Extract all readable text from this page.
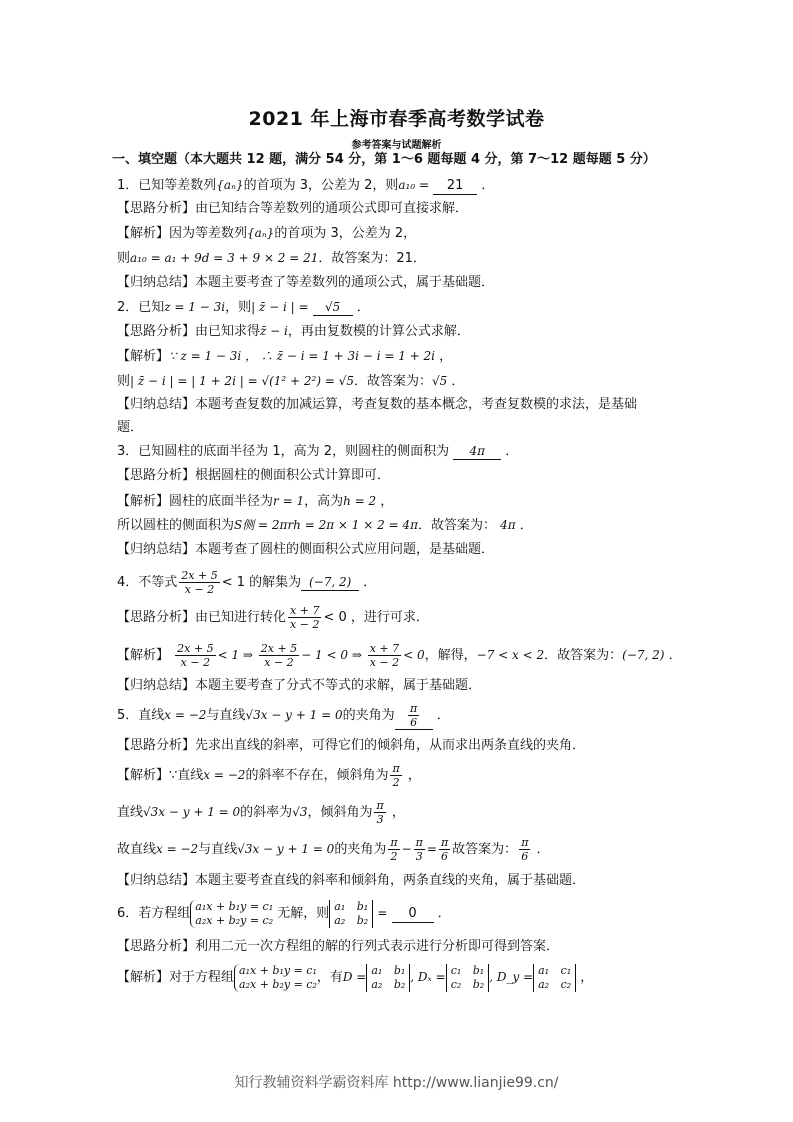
2021 年上海市春季高考数学试卷
参考答案与试题解析
一、填空题（本大题共 12 题，满分 54 分，第 1～6 题每题 4 分，第 7～12 题每题 5 分）
1．已知等差数列{aₙ}的首项为 3，公差为 2，则a₁₀ = 21 ．
【思路分析】由已知结合等差数列的通项公式即可直接求解．
【解析】因为等差数列{aₙ}的首项为 3，公差为 2，
则a₁₀ = a₁ + 9d = 3 + 9 × 2 = 21．故答案为：21．
【归纳总结】本题主要考查了等差数列的通项公式，属于基础题．
2．已知z = 1 − 3i，则| z̄ − i | = √5 ．
【思路分析】由已知求得z̄ − i，再由复数模的计算公式求解．
【解析】∵ z = 1 − 3i ， ∴ z̄ − i = 1 + 3i − i = 1 + 2i ，
则| z̄ − i | = | 1 + 2i | = √(1² + 2²) = √5．故答案为：√5 ．
【归纳总结】本题考查复数的加减运算，考查复数的基本概念，考查复数模的求法，是基础
题．
3．已知圆柱的底面半径为 1，高为 2，则圆柱的侧面积为 4π ．
【思路分析】根据圆柱的侧面积公式计算即可．
【解析】圆柱的底面半径为r = 1，高为h = 2 ，
所以圆柱的侧面积为S侧 = 2πrh = 2π × 1 × 2 = 4π．故答案为： 4π ．
【归纳总结】本题考查了圆柱的侧面积公式应用问题，是基础题．
4．不等式 $\frac{2x + 5}{x - 2} < 1$ 的解集为 (−7, 2) ．
【思路分析】由已知进行转化 $\frac{x + 7}{x - 2} < 0$ ，进行可求．
【解析】 $\frac{2x + 5}{x - 2} < 1$ ⇒ $\frac{2x + 5}{x - 2} - 1 < 0$ ⇒ $\frac{x + 7}{x - 2} < 0$，解得，−7 < x < 2．故答案为：(−7, 2) ．
【归纳总结】本题主要考查了分式不等式的求解，属于基础题．
5．直线x = −2与直线√3x − y + 1 = 0的夹角为 $\frac{\pi}{6}$ ．
【思路分析】先求出直线的斜率，可得它们的倾斜角，从而求出两条直线的夹角．
【解析】∵直线x = −2的斜率不存在，倾斜角为 $\frac{\pi}{2}$ ，
直线√3x − y + 1 = 0的斜率为√3，倾斜角为 $\frac{\pi}{3}$ ，
故直线x = −2与直线√3x − y + 1 = 0的夹角为 $\frac{\pi}{2} - \frac{\pi}{3} = \frac{\pi}{6}$ 故答案为： $\frac{\pi}{6}$ ．
【归纳总结】本题主要考查直线的斜率和倾斜角，两条直线的夹角，属于基础题．
6．若方程组 a₁x + b₁y = c₁
a₂x + b₂y = c₂ 无解，则 a₁ b₁
a₂ b₂ = 0 ．
【思路分析】利用二元一次方程组的解的行列式表示进行分析即可得到答案．
【解析】对于方程组 a₁x + b₁y = c₁
a₂x + b₂y = c₂ ，有D = a₁ b₁
a₂ b₂ , Dₓ = c₁ b₁
c₂ b₂ , D_y = a₁ c₁
a₂ c₂ ，
知行教辅资料学霸资料库 http://www.lianjie99.cn/
